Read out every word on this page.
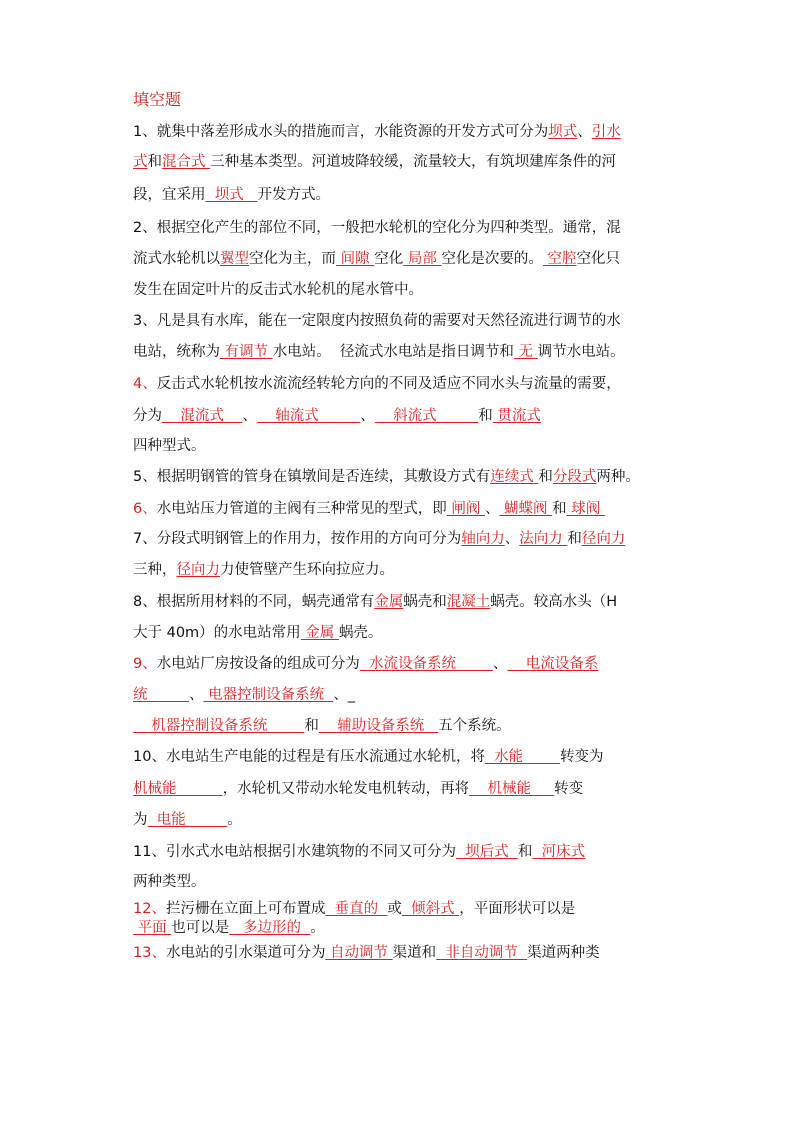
填空题
1、就集中落差形成水头的措施而言，水能资源的开发方式可分为坝式、引水
式和混合式 三种基本类型。河道坡降较缓，流量较大，有筑坝建库条件的河
段，宜采用  坝式   开发方式。
2、根据空化产生的部位不同，一般把水轮机的空化分为四种类型。通常，混
流式水轮机以翼型空化为主，而 间隙 空化 局部 空化是次要的。 空腔空化只
发生在固定叶片的反击式水轮机的尾水管中。
3、凡是具有水库，能在一定限度内按照负荷的需要对天然径流进行调节的水
电站，统称为 有调节 水电站。  径流式水电站是指日调节和 无 调节水电站。
4、反击式水轮机按水流流经转轮方向的不同及适应不同水头与流量的需要，
分为    混流式    、    轴流式         、    斜流式         和 贯流式
四种型式。
5、根据明钢管的管身在镇墩间是否连续，其敷设方式有连续式 和分段式两种。
6、水电站压力管道的主阀有三种常见的型式，即 闸阀 、 蝴蝶阀 和 球阀
7、分段式明钢管上的作用力，按作用的方向可分为轴向力、法向力 和径向力
三种，径向力力使管壁产生环向拉应力。
8、根据所用材料的不同，蜗壳通常有金属蜗壳和混凝土蜗壳。较高水头（H
大于 40m）的水电站常用 金属 蜗壳。
9、水电站厂房按设备的组成可分为  水流设备系统        、    电流设备系
统         、 电器控制设备系统  、_
机器控制设备系统        和    辅助设备系统   五个系统。
10、水电站生产电能的过程是有压水流通过水轮机，将  水能        转变为
机械能          ，水轮机又带动水轮发电机转动，再将    机械能     转变
为  电能         。
11、引水式水电站根据引水建筑物的不同又可分为  坝后式  和  河床式
两种类型。
12、拦污栅在立面上可布置成  垂直的  或  倾斜式 ，平面形状可以是
平面 也可以是   多边形的  。
13、水电站的引水渠道可分为 自动调节 渠道和  非自动调节  渠道两种类
